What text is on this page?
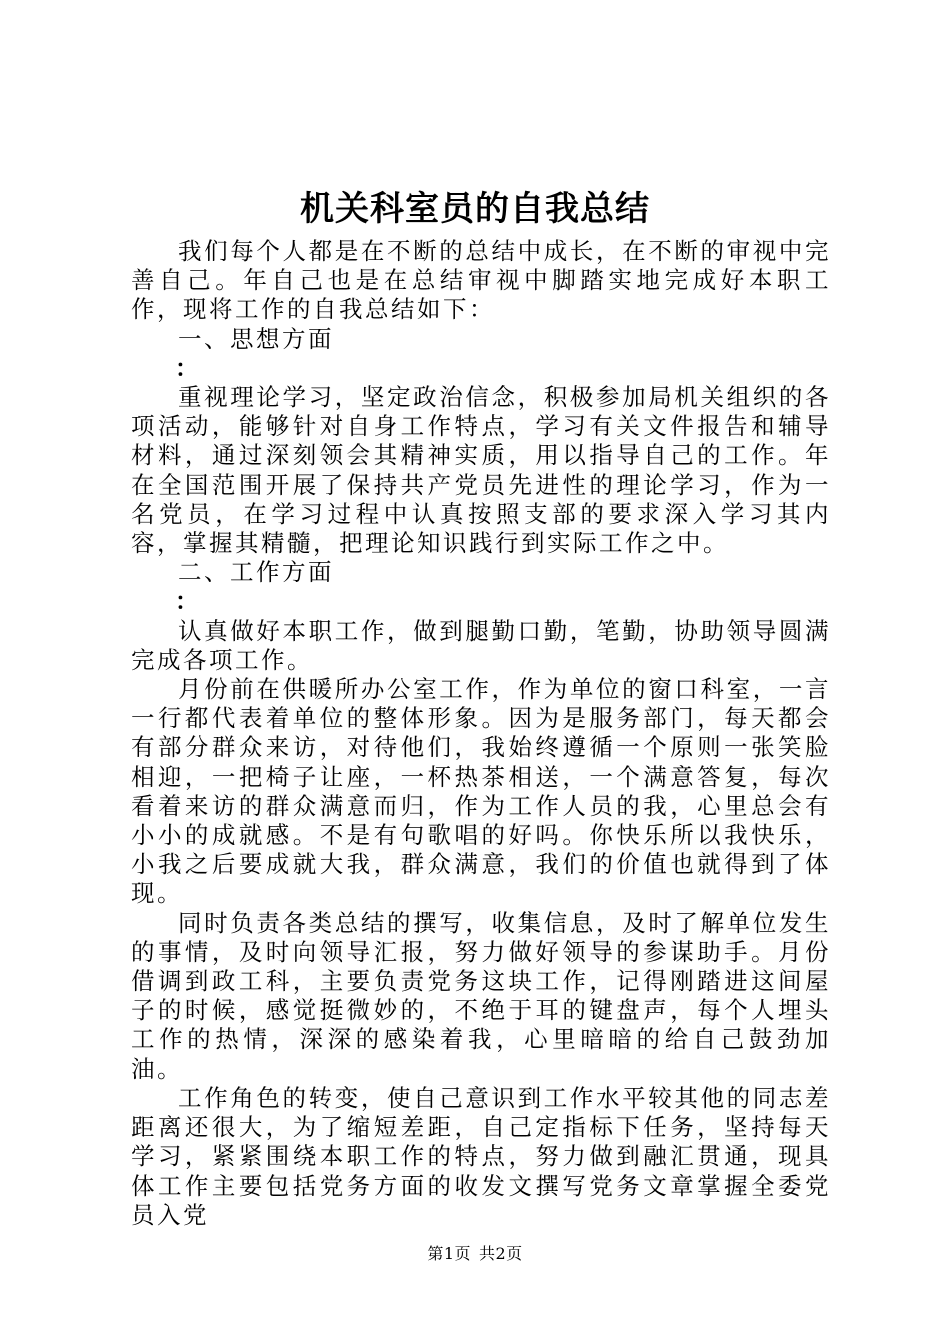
机关科室员的自我总结

我们每个人都是在不断的总结中成长，在不断的审视中完善自己。年自己也是在总结审视中脚踏实地完成好本职工作，现将工作的自我总结如下：

一、思想方面

：

重视理论学习，坚定政治信念，积极参加局机关组织的各项活动，能够针对自身工作特点，学习有关文件报告和辅导材料，通过深刻领会其精神实质，用以指导自己的工作。年在全国范围开展了保持共产党员先进性的理论学习，作为一名党员，在学习过程中认真按照支部的要求深入学习其内容，掌握其精髓，把理论知识践行到实际工作之中。

二、工作方面

：

认真做好本职工作，做到腿勤口勤，笔勤，协助领导圆满完成各项工作。

月份前在供暖所办公室工作，作为单位的窗口科室，一言一行都代表着单位的整体形象。因为是服务部门，每天都会有部分群众来访，对待他们，我始终遵循一个原则一张笑脸相迎，一把椅子让座，一杯热茶相送，一个满意答复，每次看着来访的群众满意而归，作为工作人员的我，心里总会有小小的成就感。不是有句歌唱的好吗。你快乐所以我快乐，小我之后要成就大我，群众满意，我们的价值也就得到了体现。

同时负责各类总结的撰写，收集信息，及时了解单位发生的事情，及时向领导汇报，努力做好领导的参谋助手。月份借调到政工科，主要负责党务这块工作，记得刚踏进这间屋子的时候，感觉挺微妙的，不绝于耳的键盘声，每个人埋头工作的热情，深深的感染着我，心里暗暗的给自己鼓劲加油。

工作角色的转变，使自己意识到工作水平较其他的同志差距离还很大，为了缩短差距，自己定指标下任务，坚持每天学习，紧紧围绕本职工作的特点，努力做到融汇贯通，现具体工作主要包括党务方面的收发文撰写党务文章掌握全委党员入党

第1页 共2页
